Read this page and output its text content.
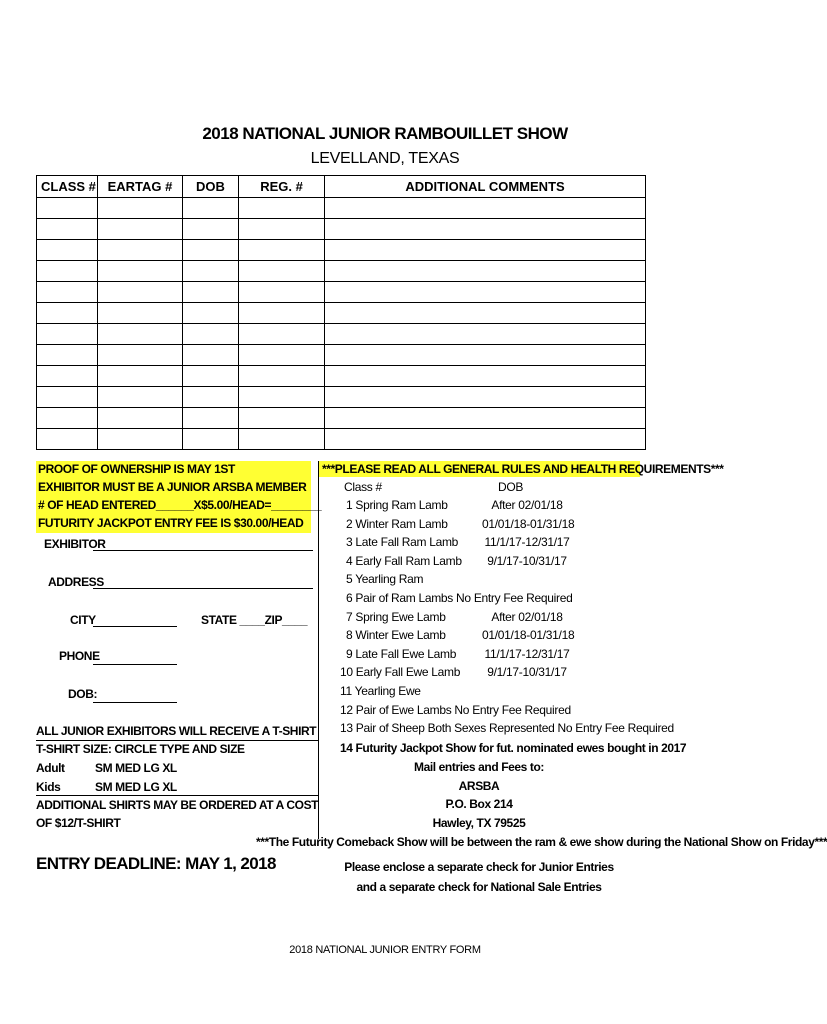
2018 NATIONAL JUNIOR RAMBOUILLET SHOW
LEVELLAND, TEXAS
CLASS #	EARTAG #	DOB	REG. #	ADDITIONAL COMMENTS

PROOF OF OWNERSHIP IS MAY 1ST
EXHIBITOR MUST BE A JUNIOR ARSBA MEMBER
# OF HEAD ENTERED______X$5.00/HEAD=________
FUTURITY JACKPOT ENTRY FEE IS $30.00/HEAD
EXHIBITOR
ADDRESS
CITY	STATE ____ZIP____
PHONE
DOB:
ALL JUNIOR EXHIBITORS WILL RECEIVE A T-SHIRT
T-SHIRT SIZE: CIRCLE TYPE AND SIZE
Adult	SM MED LG XL
Kids	SM MED LG XL
ADDITIONAL SHIRTS MAY BE ORDERED AT A COST
OF $12/T-SHIRT
***PLEASE READ ALL GENERAL RULES AND HEALTH REQUIREMENTS***
Class #	DOB
1 Spring Ram Lamb	After 02/01/18
2 Winter Ram Lamb	01/01/18-01/31/18
3 Late Fall Ram Lamb 11/1/17-12/31/17
4 Early Fall Ram Lamb	9/1/17-10/31/17
5 Yearling Ram
6 Pair of Ram Lambs No Entry Fee Required
7 Spring Ewe Lamb	After 02/01/18
8 Winter Ewe Lamb	01/01/18-01/31/18
9 Late Fall Ewe Lamb 11/1/17-12/31/17
10 Early Fall Ewe Lamb	9/1/17-10/31/17
11 Yearling Ewe
12 Pair of Ewe Lambs No Entry Fee Required
13 Pair of Sheep Both Sexes Represented No Entry Fee Required
14 Futurity Jackpot Show for fut. nominated ewes bought in 2017
Mail entries and Fees to:
ARSBA
P.O. Box 214
Hawley, TX 79525
***The Futurity Comeback Show will be between the ram & ewe show during the National Show on Friday***
ENTRY DEADLINE: MAY 1, 2018	Please enclose a separate check for Junior Entries
and a separate check for National Sale Entries
2018 NATIONAL JUNIOR ENTRY FORM
